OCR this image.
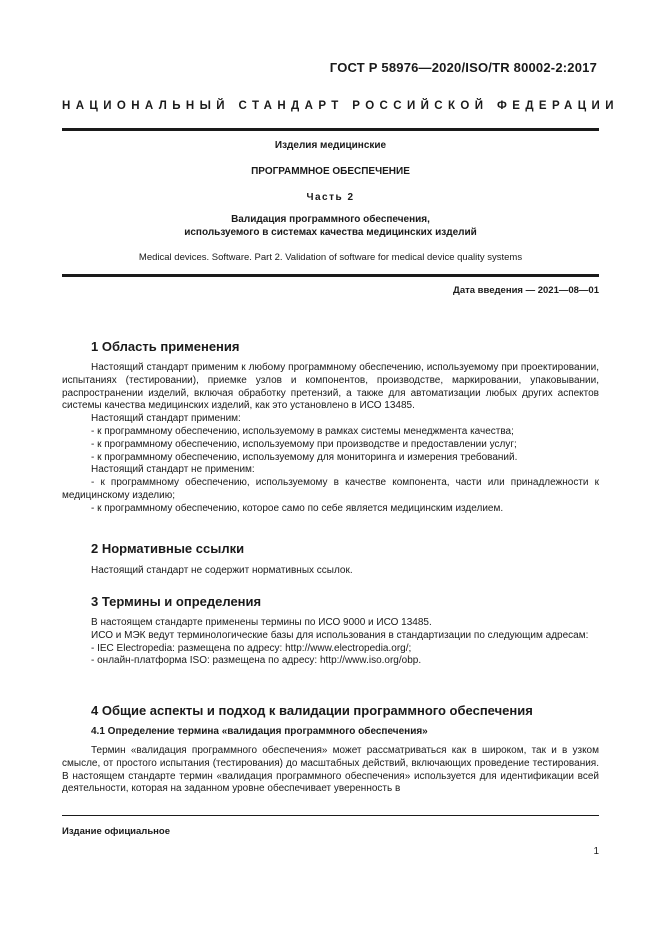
ГОСТ Р 58976—2020/ISO/TR 80002-2:2017
НАЦИОНАЛЬНЫЙ СТАНДАРТ РОССИЙСКОЙ ФЕДЕРАЦИИ
Изделия медицинские
ПРОГРАММНОЕ ОБЕСПЕЧЕНИЕ
Часть 2
Валидация программного обеспечения,
используемого в системах качества медицинских изделий
Medical devices. Software. Part 2. Validation of software for medical device quality systems
Дата введения — 2021—08—01
1 Область применения

Настоящий стандарт применим к любому программному обеспечению, используемому при проектировании, испытаниях (тестировании), приемке узлов и компонентов, производстве, маркировании, упаковывании, распространении изделий, включая обработку претензий, а также для автоматизации любых других аспектов системы качества медицинских изделий, как это установлено в ИСО 13485.

Настоящий стандарт применим:

- к программному обеспечению, используемому в рамках системы менеджмента качества;

- к программному обеспечению, используемому при производстве и предоставлении услуг;

- к программному обеспечению, используемому для мониторинга и измерения требований.

Настоящий стандарт не применим:

- к программному обеспечению, используемому в качестве компонента, части или принадлежности к медицинскому изделию;

- к программному обеспечению, которое само по себе является медицинским изделием.

2 Нормативные ссылки

Настоящий стандарт не содержит нормативных ссылок.

3 Термины и определения

В настоящем стандарте применены термины по ИСО 9000 и ИСО 13485.

ИСО и МЭК ведут терминологические базы для использования в стандартизации по следующим адресам:

- IEC Electropedia: размещена по адресу: http://www.electropedia.org/;

- онлайн-платформа ISO: размещена по адресу: http://www.iso.org/obp.

4 Общие аспекты и подход к валидации программного обеспечения
4.1 Определение термина «валидация программного обеспечения»

Термин «валидация программного обеспечения» может рассматриваться как в широком, так и в узком смысле, от простого испытания (тестирования) до масштабных действий, включающих проведение тестирования. В настоящем стандарте термин «валидация программного обеспечения» используется для идентификации всей деятельности, которая на заданном уровне обеспечивает уверенность в

Издание официальное
1
